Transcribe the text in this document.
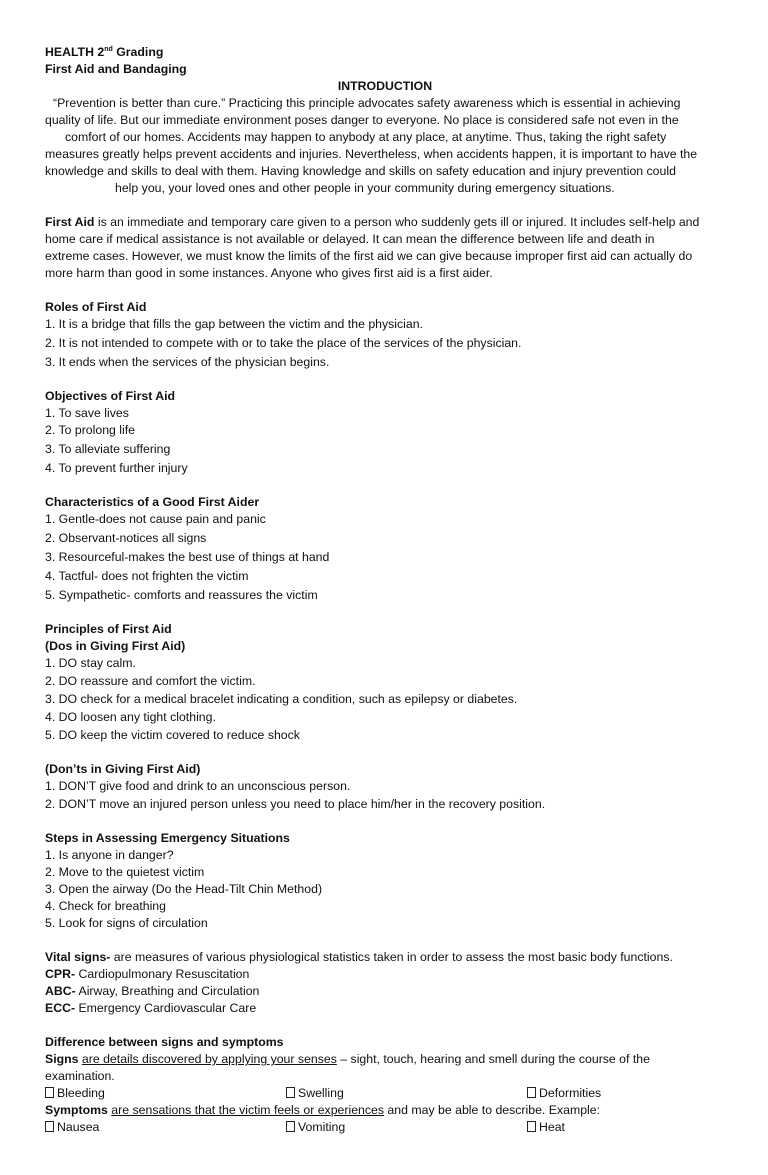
HEALTH 2nd Grading
First Aid and Bandaging
INTRODUCTION
“Prevention is better than cure.” Practicing this principle advocates safety awareness which is essential in achieving
quality of life. But our immediate environment poses danger to everyone. No place is considered safe not even in the
comfort of our homes. Accidents may happen to anybody at any place, at anytime. Thus, taking the right safety
measures greatly helps prevent accidents and injuries. Nevertheless, when accidents happen, it is important to have the
knowledge and skills to deal with them. Having knowledge and skills on safety education and injury prevention could
help you, your loved ones and other people in your community during emergency situations.
First Aid is an immediate and temporary care given to a person who suddenly gets ill or injured. It includes self-help and
home care if medical assistance is not available or delayed. It can mean the difference between life and death in
extreme cases. However, we must know the limits of the first aid we can give because improper first aid can actually do
more harm than good in some instances. Anyone who gives first aid is a first aider.
Roles of First Aid
1. It is a bridge that fills the gap between the victim and the physician.
2. It is not intended to compete with or to take the place of the services of the physician.
3. It ends when the services of the physician begins.
Objectives of First Aid
1. To save lives
2. To prolong life
3. To alleviate suffering
4. To prevent further injury
Characteristics of a Good First Aider
1. Gentle-does not cause pain and panic
2. Observant-notices all signs
3. Resourceful-makes the best use of things at hand
4. Tactful- does not frighten the victim
5. Sympathetic- comforts and reassures the victim
Principles of First Aid
(Dos in Giving First Aid)
1. DO stay calm.
2. DO reassure and comfort the victim.
3. DO check for a medical bracelet indicating a condition, such as epilepsy or diabetes.
4. DO loosen any tight clothing.
5. DO keep the victim covered to reduce shock
(Don’ts in Giving First Aid)
1. DON’T give food and drink to an unconscious person.
2. DON’T move an injured person unless you need to place him/her in the recovery position.
Steps in Assessing Emergency Situations
1. Is anyone in danger?
2. Move to the quietest victim
3. Open the airway (Do the Head-Tilt Chin Method)
4. Check for breathing
5. Look for signs of circulation
Vital signs- are measures of various physiological statistics taken in order to assess the most basic body functions.
CPR- Cardiopulmonary Resuscitation
ABC- Airway, Breathing and Circulation
ECC- Emergency Cardiovascular Care
Difference between signs and symptoms
Signs are details discovered by applying your senses – sight, touch, hearing and smell during the course of the
examination.
Bleeding	Swelling	Deformities
Symptoms are sensations that the victim feels or experiences and may be able to describe. Example:
Nausea	Vomiting	Heat
